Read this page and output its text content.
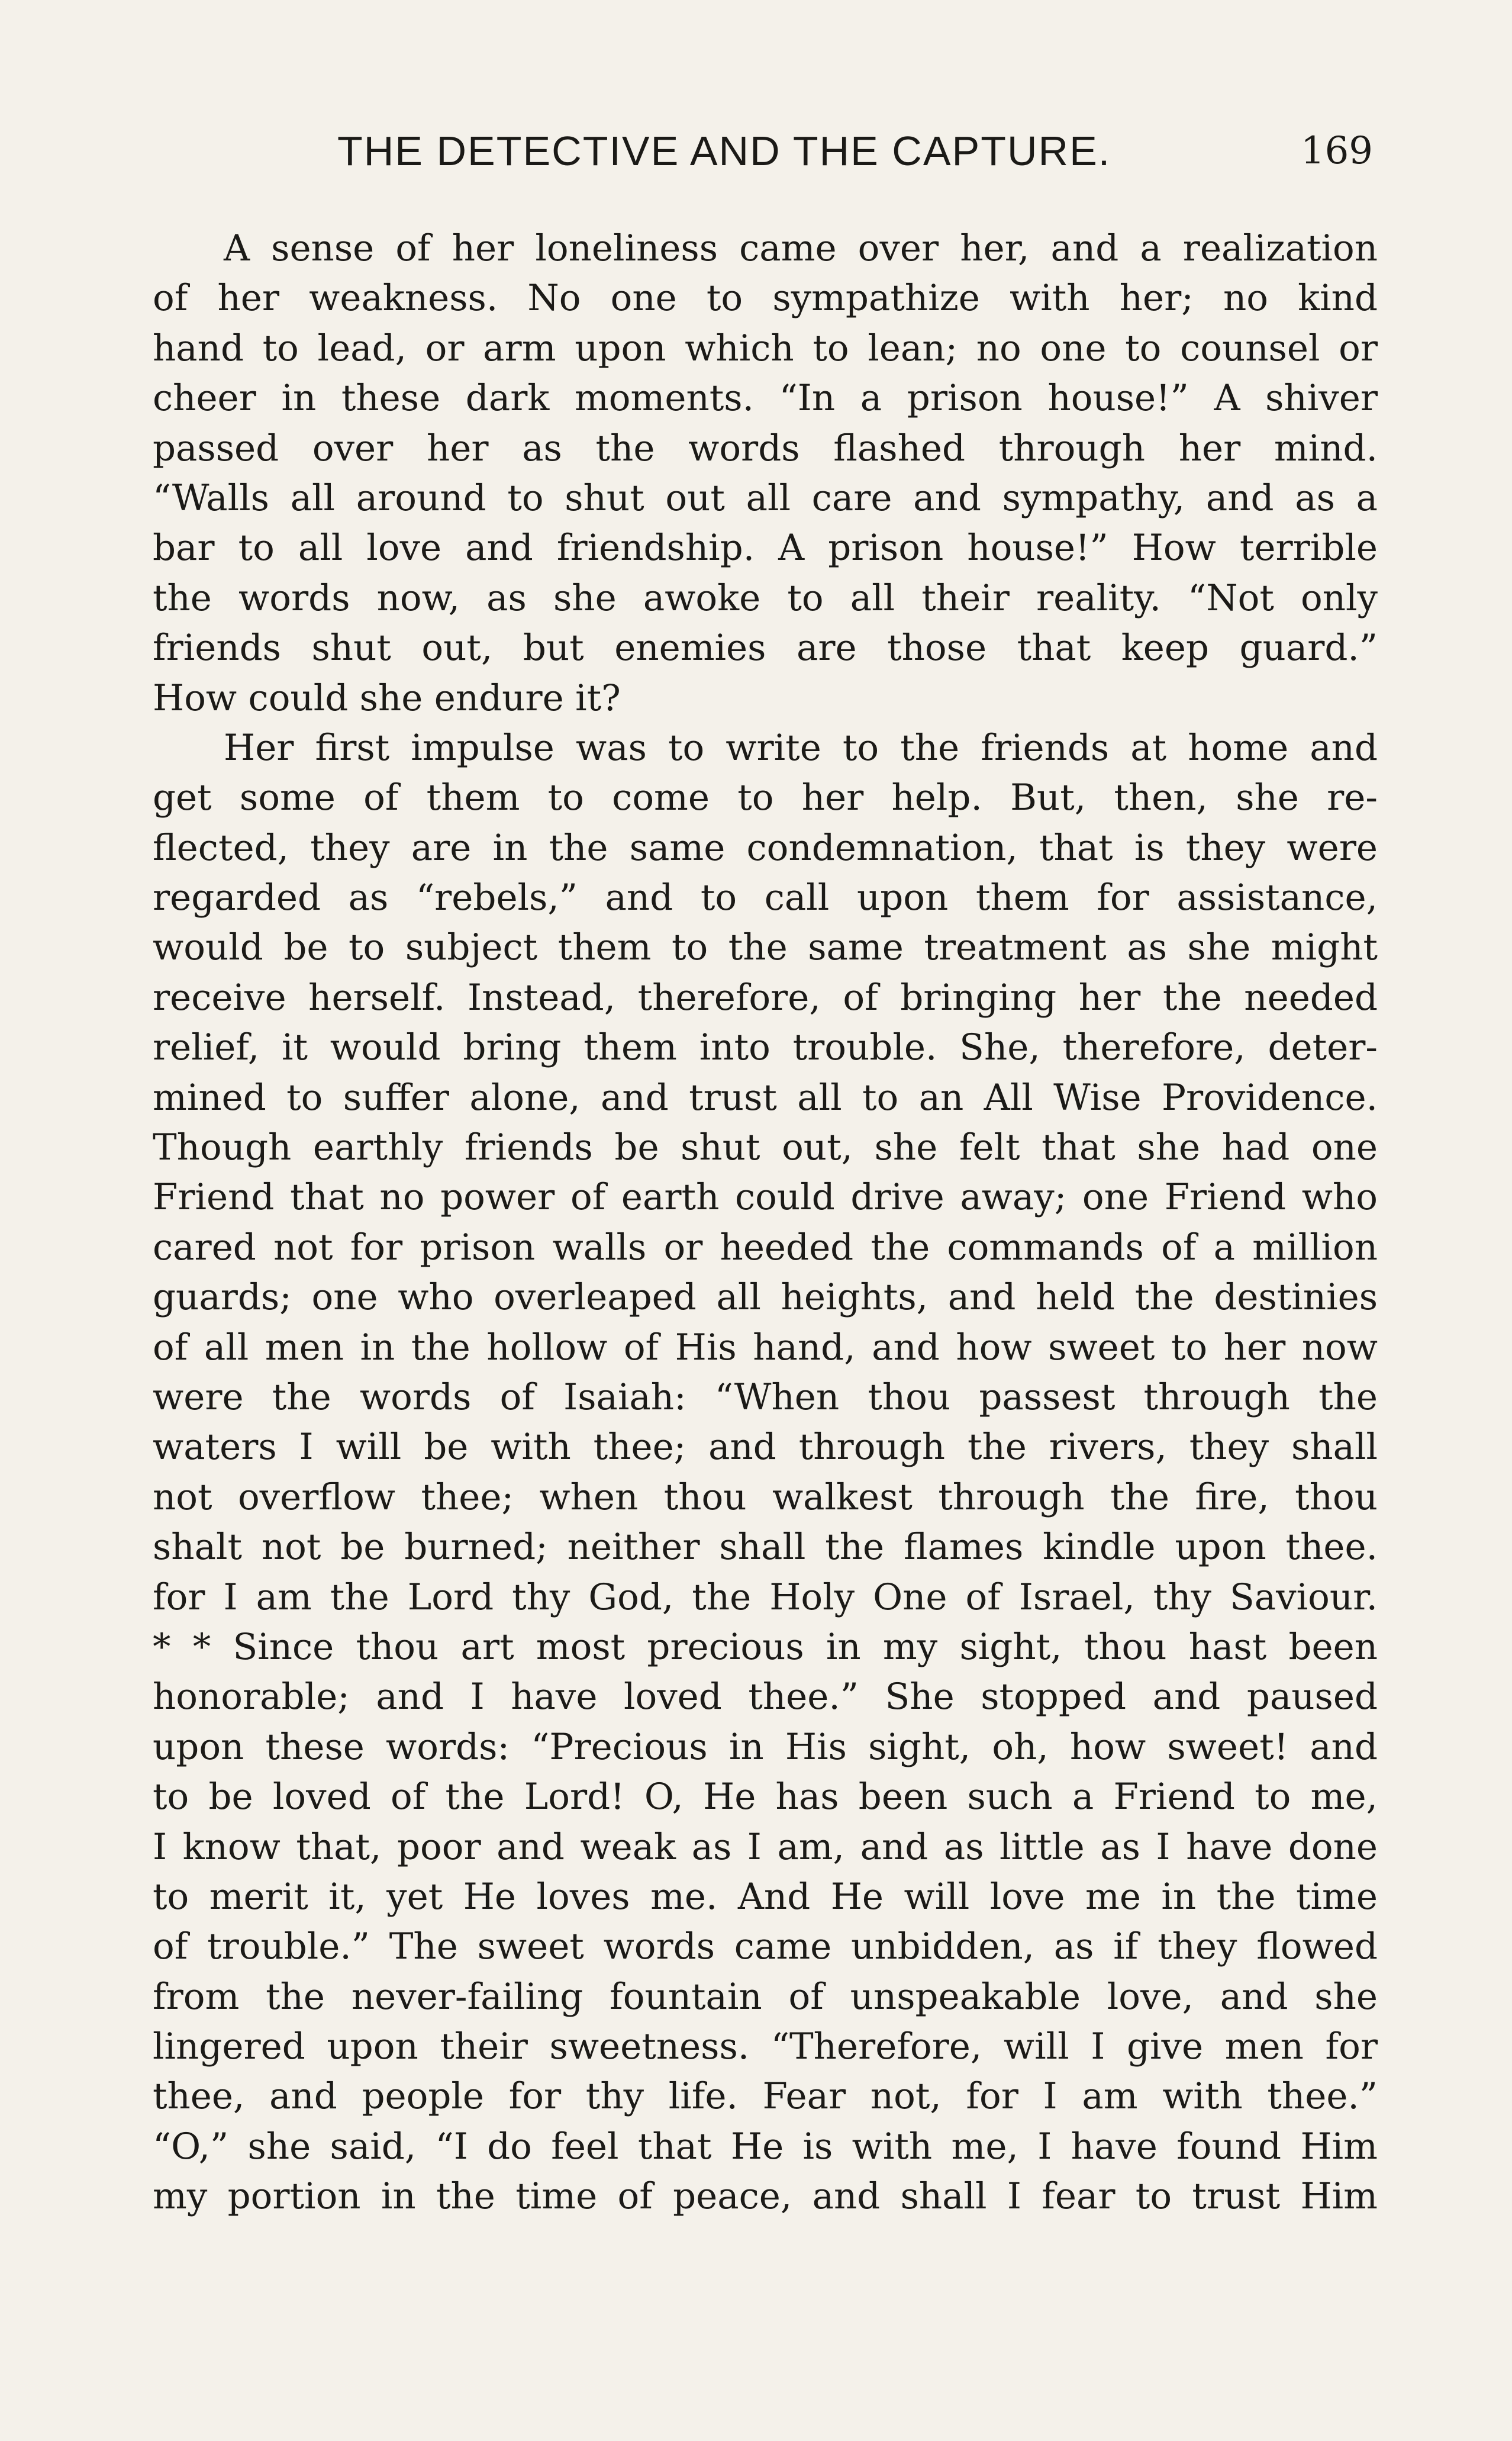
THE DETECTIVE AND THE CAPTURE.	169
A sense of her loneliness came over her, and a realization
of her weakness. No one to sympathize with her; no kind
hand to lead, or arm upon which to lean; no one to counsel or
cheer in these dark moments. “In a prison house!” A shiver
passed over her as the words flashed through her mind.
“Walls all around to shut out all care and sympathy, and as a
bar to all love and friendship. A prison house!” How terrible
the words now, as she awoke to all their reality. “Not only
friends shut out, but enemies are those that keep guard.”
How could she endure it?
Her first impulse was to write to the friends at home and
get some of them to come to her help. But, then, she re-
flected, they are in the same condemnation, that is they were
regarded as “rebels,” and to call upon them for assistance,
would be to subject them to the same treatment as she might
receive herself. Instead, therefore, of bringing her the needed
relief, it would bring them into trouble. She, therefore, deter-
mined to suffer alone, and trust all to an All Wise Providence.
Though earthly friends be shut out, she felt that she had one
Friend that no power of earth could drive away; one Friend who
cared not for prison walls or heeded the commands of a million
guards; one who overleaped all heights, and held the destinies
of all men in the hollow of His hand, and how sweet to her now
were the words of Isaiah: “When thou passest through the
waters I will be with thee; and through the rivers, they shall
not overflow thee; when thou walkest through the fire, thou
shalt not be burned; neither shall the flames kindle upon thee.
for I am the Lord thy God, the Holy One of Israel, thy Saviour.
* * Since thou art most precious in my sight, thou hast been
honorable; and I have loved thee.” She stopped and paused
upon these words: “Precious in His sight, oh, how sweet! and
to be loved of the Lord! O, He has been such a Friend to me,
I know that, poor and weak as I am, and as little as I have done
to merit it, yet He loves me. And He will love me in the time
of trouble.” The sweet words came unbidden, as if they flowed
from the never-failing fountain of unspeakable love, and she
lingered upon their sweetness. “Therefore, will I give men for
thee, and people for thy life. Fear not, for I am with thee.”
“O,” she said, “I do feel that He is with me, I have found Him
my portion in the time of peace, and shall I fear to trust Him
